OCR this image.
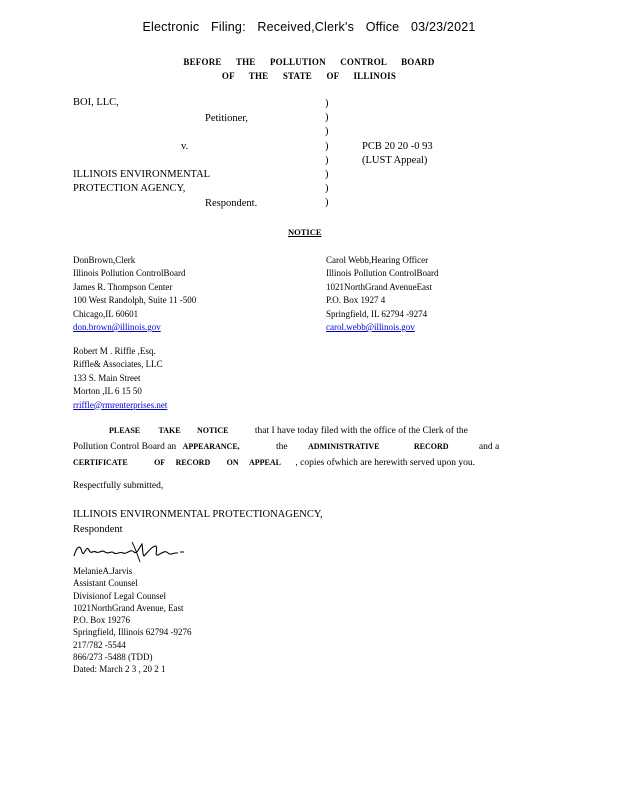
Electronic Filing: Received,Clerk's Office 03/23/2021
BEFORE THE POLLUTION CONTROL BOARD
OF THE STATE OF ILLINOIS
BOI, LLC,
Petitioner,
v.
ILLINOIS ENVIRONMENTAL
PROTECTION AGENCY,
Respondent.
PCB 20 20 -0 93
(LUST Appeal)
)
)
)
)
)
)
)
)
NOTICE
DonBrown,Clerk
Illinois Pollution ControlBoard
James R. Thompson Center
100 West Randolph, Suite 11 -500
Chicago,IL 60601
don.brown@illinois.gov
Carol Webb,Hearing Officer
Illinois Pollution ControlBoard
1021NorthGrand AvenueEast
P.O. Box 1927 4
Springfield, IL 62794 -9274
carol.webb@illinois.gov
Robert M . Riffle ,Esq.
Riffle& Associates, LLC
133 S. Main Street
Morton ,IL 6 15 50
rriffle@rmrenterprises.net
PLEASE TAKE NOTICE	that I have today filed with the office of the Clerk of the
Pollution Control Board an APPEARANCE,	the	ADMINISTRATIVE	RECORD	and a
CERTIFICATE	OF RECORD ON APPEAL , copies ofwhich are herewith served upon you.
Respectfully submitted,
ILLINOIS ENVIRONMENTAL PROTECTIONAGENCY,
Respondent
MelanieA.Jarvis
Assistant Counsel
Divisionof Legal Counsel
1021NorthGrand Avenue, East
P.O. Box 19276
Springfield, Illinois 62794 -9276
217/782 -5544
866/273 -5488 (TDD)
Dated: March 2 3 , 20 2 1
